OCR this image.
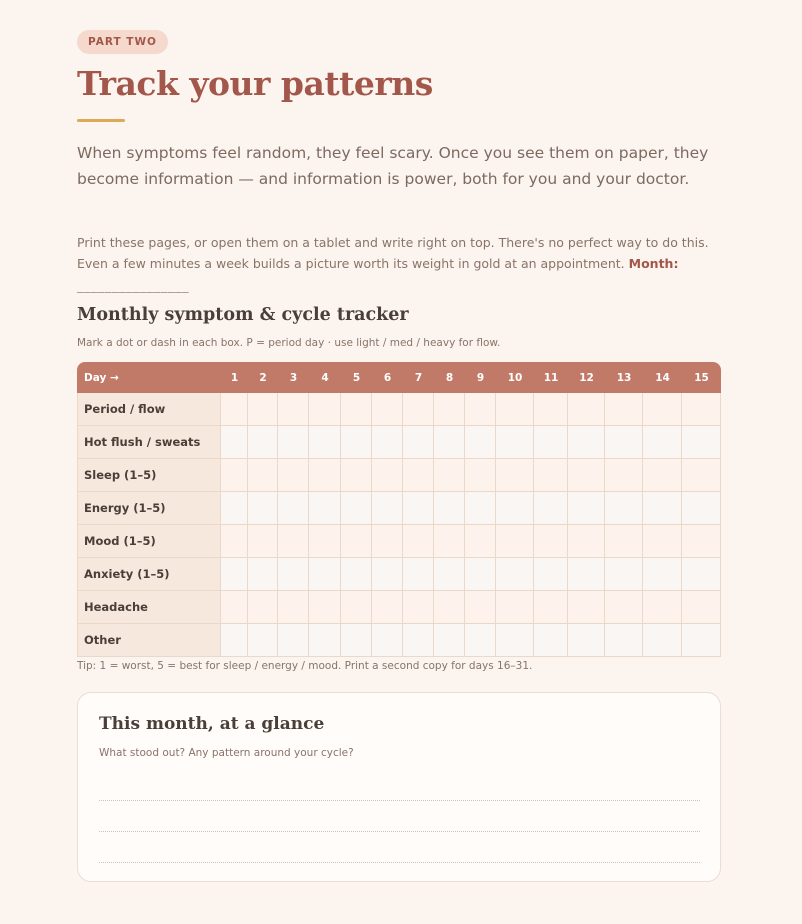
PART TWO
Track your patterns

When symptoms feel random, they feel scary. Once you see them on paper, they become information — and information is power, both for you and your doctor.

Print these pages, or open them on a tablet and write right on top. There's no perfect way to do this. Even a few minutes a week builds a picture worth its weight in gold at an appointment. Month:

________________
Monthly symptom & cycle tracker

Mark a dot or dash in each box. P = period day · use light / med / heavy for flow.

Day →	1	2	3	4	5	6	7	8	9	10	11	12	13	14	15
Period / flow															
Hot flush / sweats															
Sleep (1–5)															
Energy (1–5)															
Mood (1–5)															
Anxiety (1–5)															
Headache															
Other															

Tip: 1 = worst, 5 = best for sleep / energy / mood. Print a second copy for days 16–31.

This month, at a glance

What stood out? Any pattern around your cycle?
